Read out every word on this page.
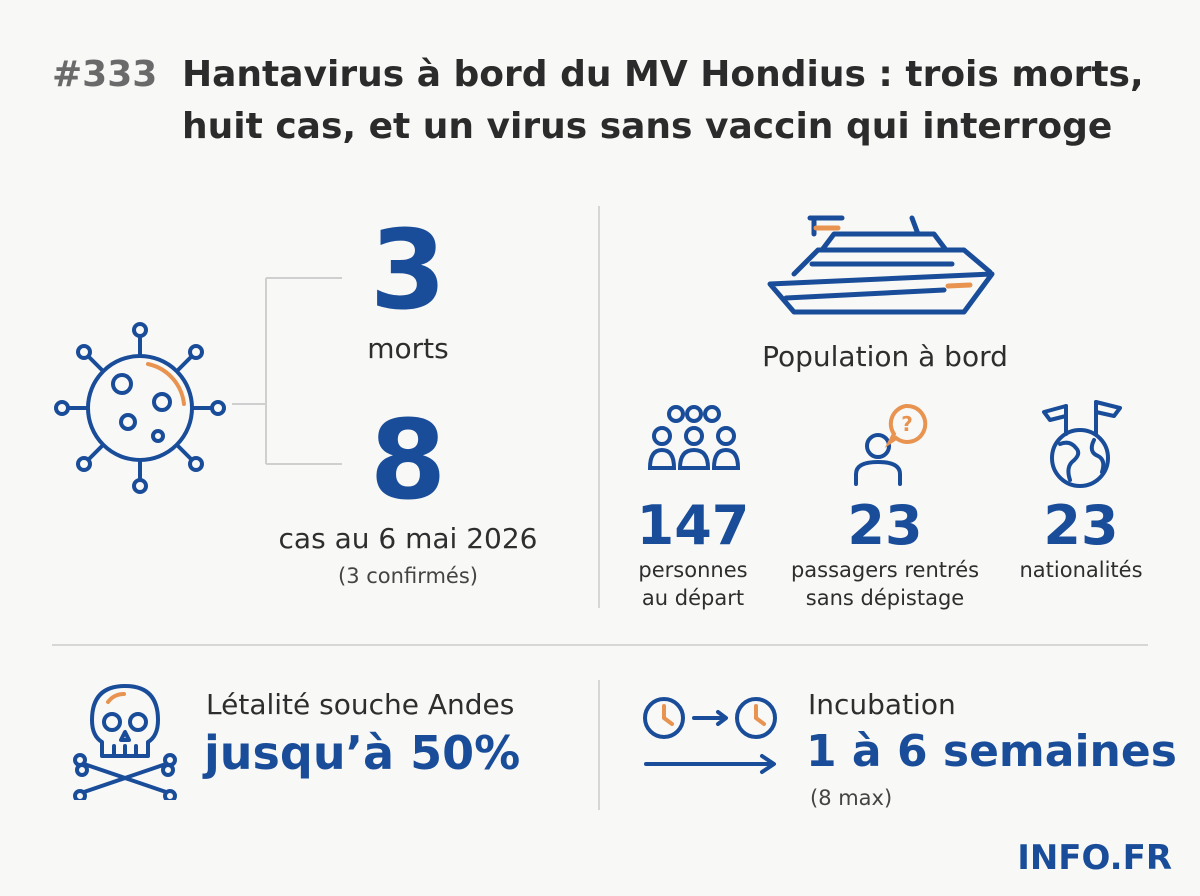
#333 Hantavirus à bord du MV Hondius : trois morts,
huit cas, et un virus sans vaccin qui interroge
3
morts
8
cas au 6 mai 2026
(3 confirmés)
Population à bord
?
147
personnes
au départ
23
passagers rentrés
sans dépistage
23
nationalités
Létalité souche Andes
jusqu’à 50%
Incubation
1 à 6 semaines
(8 max)
INFO.FR
